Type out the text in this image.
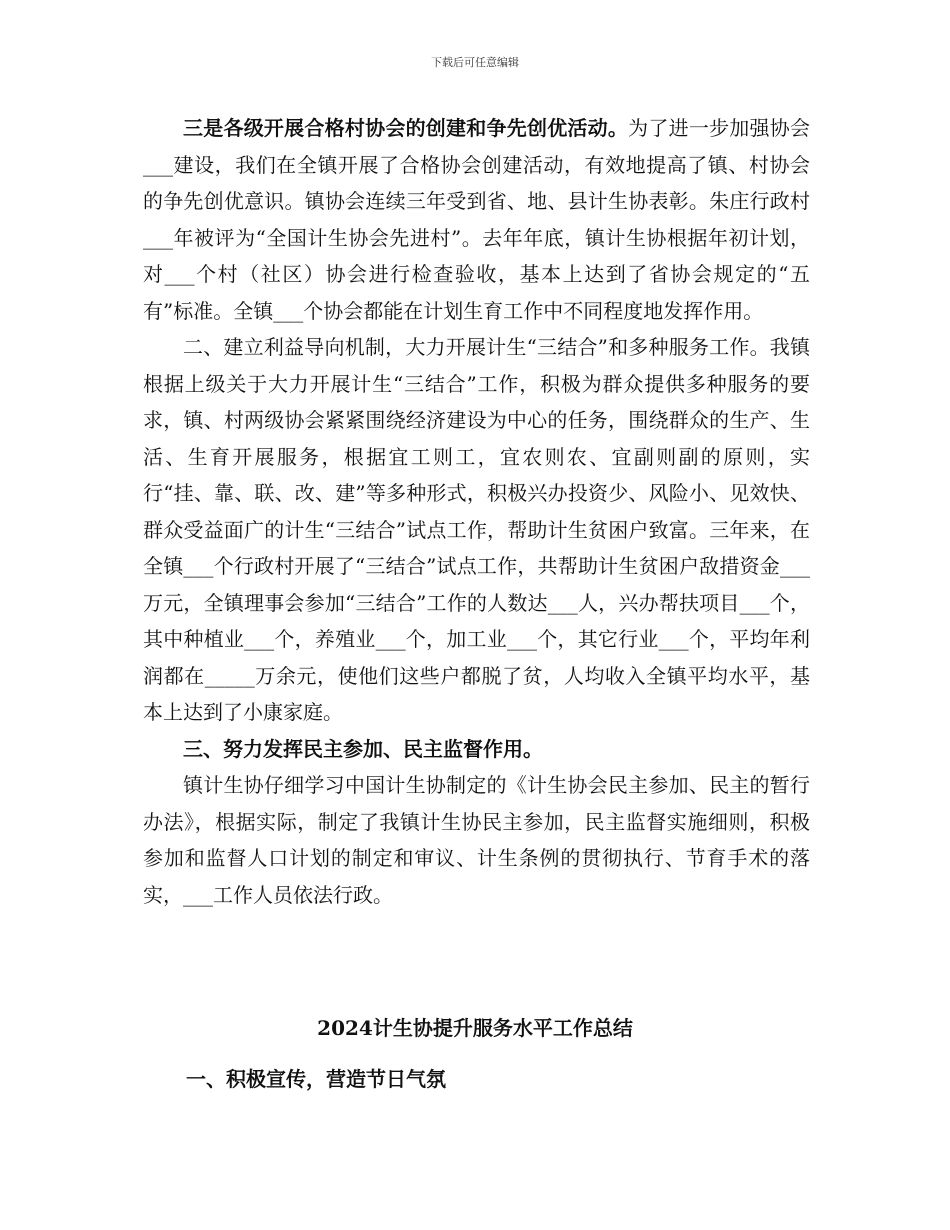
下载后可任意编辑

三是各级开展合格村协会的创建和争先创优活动。为了进一步加强协会___建设，我们在全镇开展了合格协会创建活动，有效地提高了镇、村协会的争先创优意识。镇协会连续三年受到省、地、县计生协表彰。朱庄行政村___年被评为“全国计生协会先进村”。去年年底，镇计生协根据年初计划，对___个村（社区）协会进行检查验收，基本上达到了省协会规定的“五有”标准。全镇___个协会都能在计划生育工作中不同程度地发挥作用。

二、建立利益导向机制，大力开展计生“三结合”和多种服务工作。我镇根据上级关于大力开展计生“三结合”工作，积极为群众提供多种服务的要求，镇、村两级协会紧紧围绕经济建设为中心的任务，围绕群众的生产、生活、生育开展服务，根据宜工则工，宜农则农、宜副则副的原则，实行“挂、靠、联、改、建”等多种形式，积极兴办投资少、风险小、见效快、群众受益面广的计生“三结合”试点工作，帮助计生贫困户致富。三年来，在全镇___个行政村开展了“三结合”试点工作，共帮助计生贫困户敌措资金___万元，全镇理事会参加“三结合”工作的人数达___人，兴办帮扶项目___个，其中种植业___个，养殖业___个，加工业___个，其它行业___个，平均年利润都在_____万余元，使他们这些户都脱了贫，人均收入全镇平均水平，基本上达到了小康家庭。

三、努力发挥民主参加、民主监督作用。

镇计生协仔细学习中国计生协制定的《计生协会民主参加、民主的暂行办法》，根据实际，制定了我镇计生协民主参加，民主监督实施细则，积极参加和监督人口计划的制定和审议、计生条例的贯彻执行、节育手术的落实，___工作人员依法行政。

2024计生协提升服务水平工作总结
一、积极宣传，营造节日气氛
